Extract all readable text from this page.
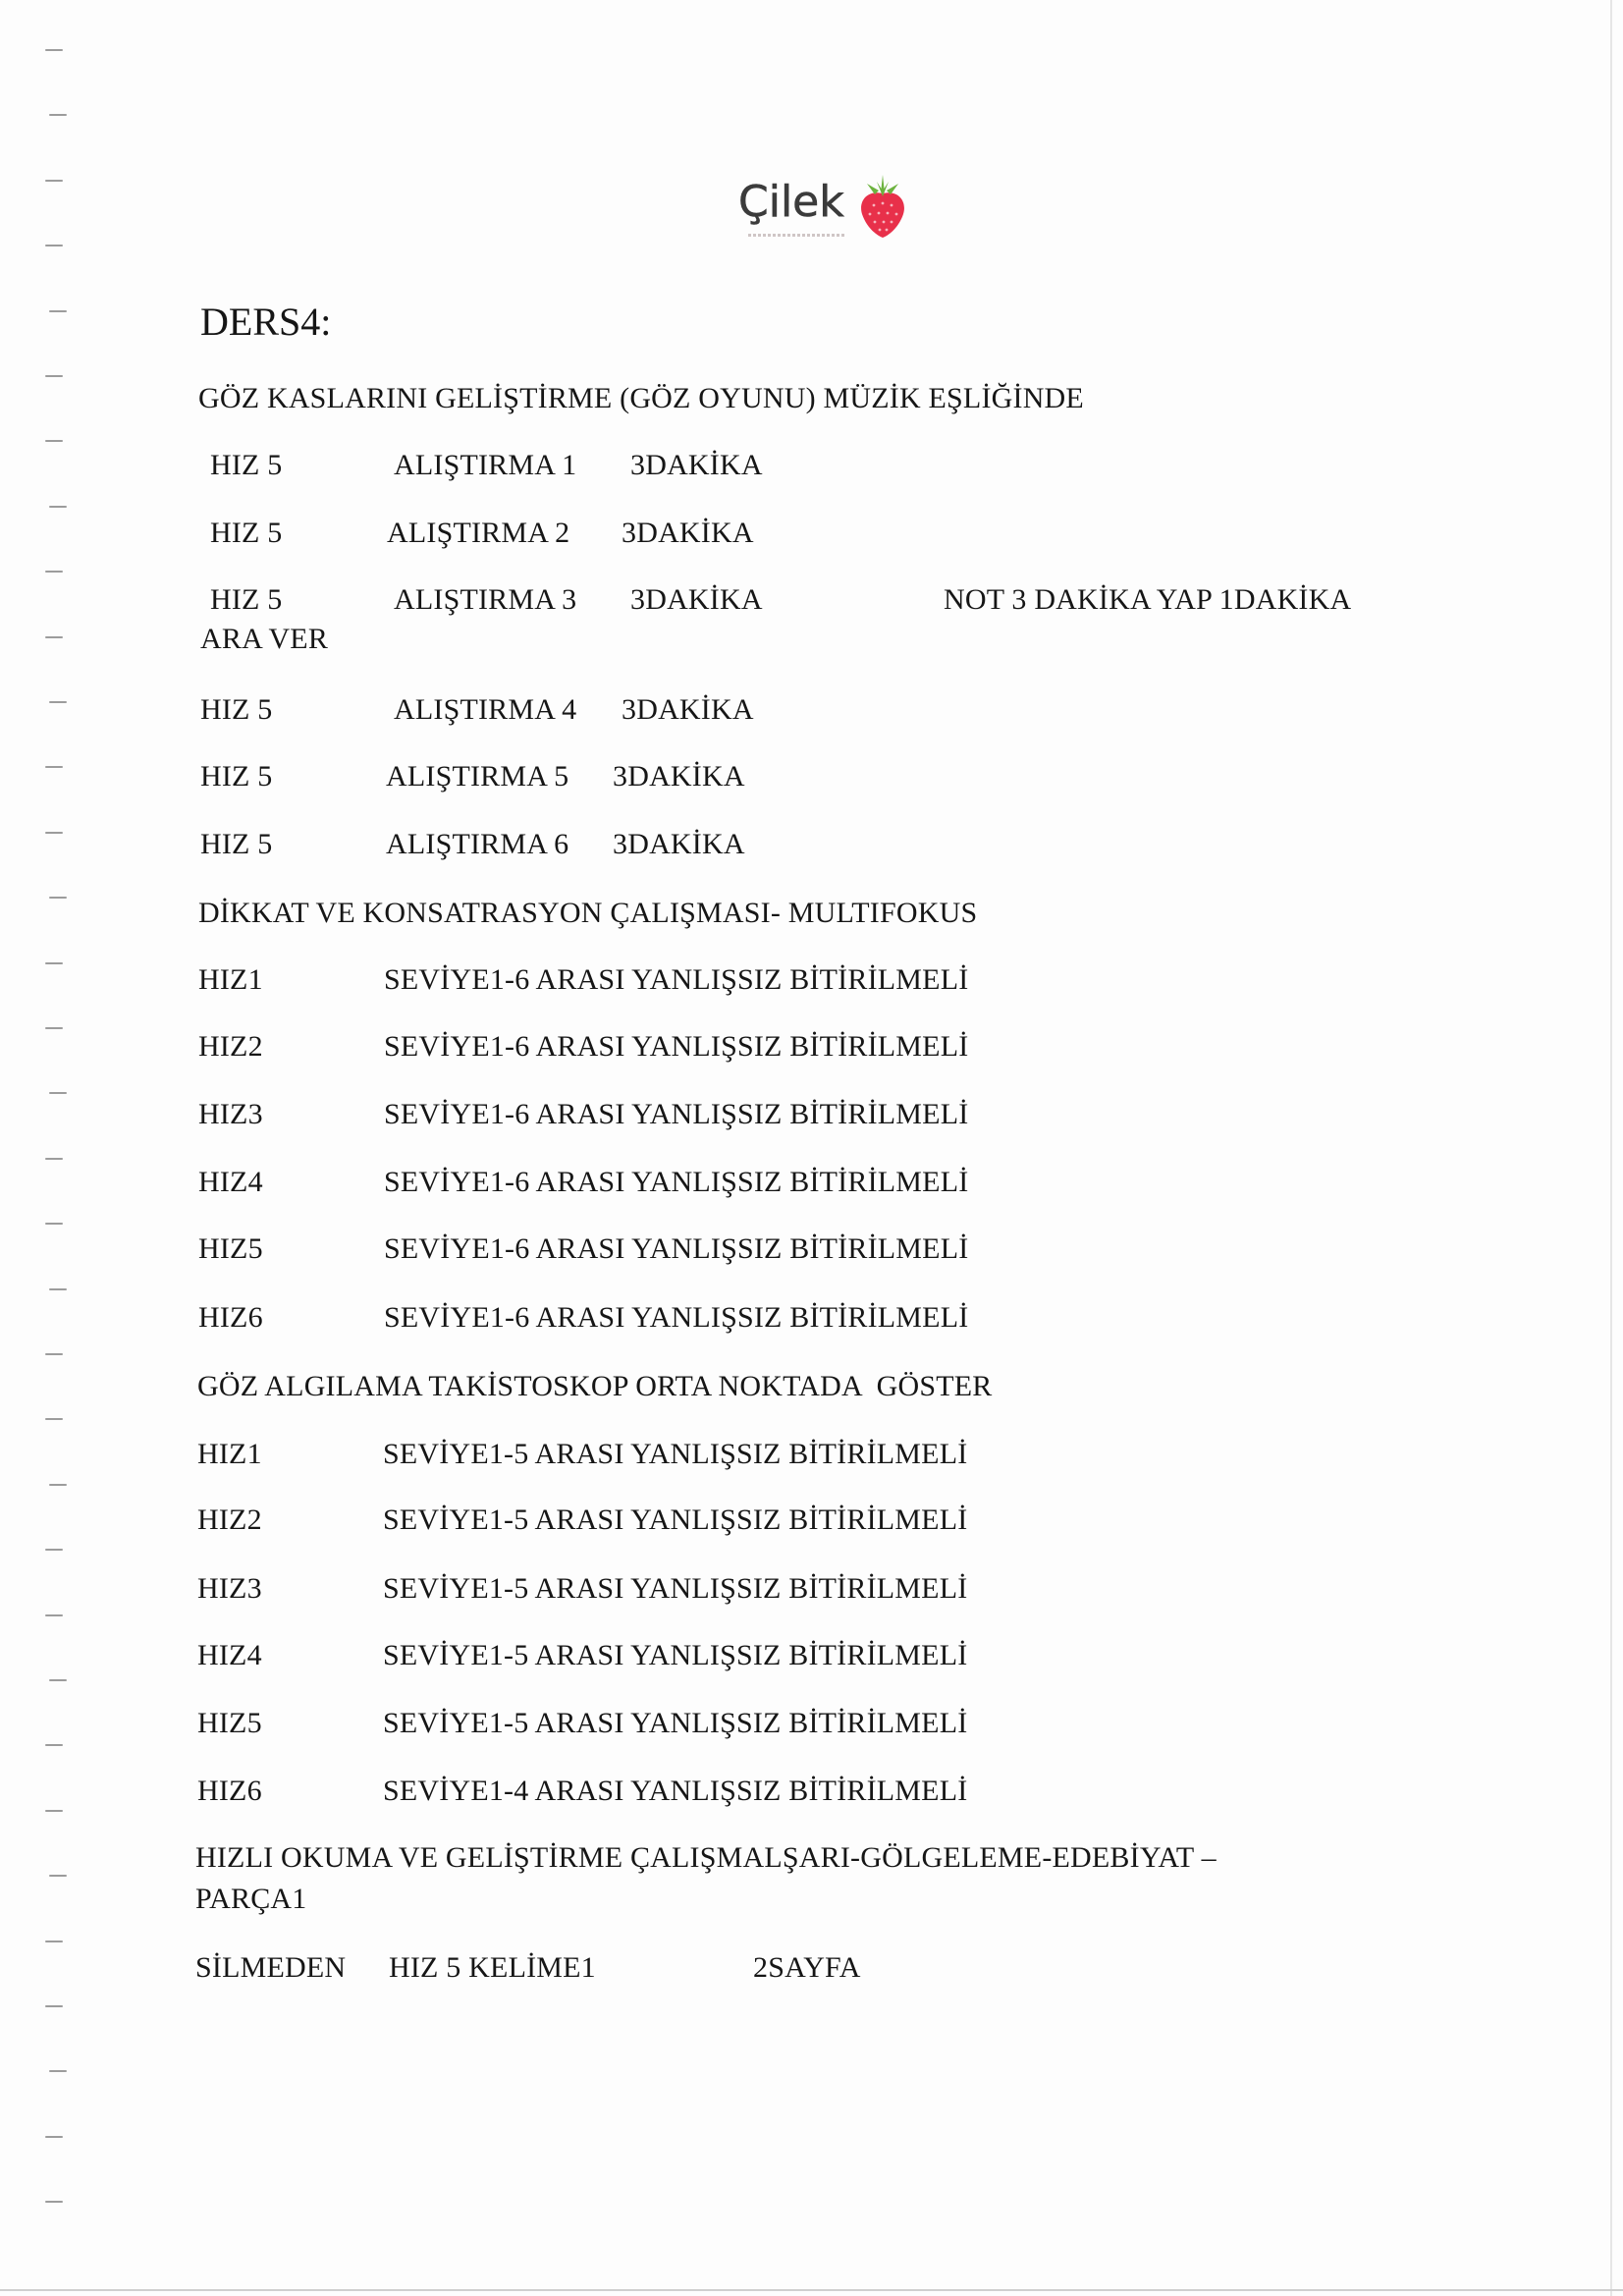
Çilek
DERS4:
GÖZ KASLARINI GELİŞTİRME (GÖZ OYUNU) MÜZİK EŞLİĞİNDE
HIZ 5	ALIŞTIRMA 1 3DAKİKA
HIZ 5	ALIŞTIRMA 2 3DAKİKA
HIZ 5	ALIŞTIRMA 3 3DAKİKA	NOT 3 DAKİKA YAP 1DAKİKA
ARA VER
HIZ 5	ALIŞTIRMA 4 3DAKİKA
HIZ 5	ALIŞTIRMA 5 3DAKİKA
HIZ 5	ALIŞTIRMA 6 3DAKİKA
DİKKAT VE KONSATRASYON ÇALIŞMASI- MULTIFOKUS
HIZ1	SEVİYE1-6 ARASI YANLIŞSIZ BİTİRİLMELİ
HIZ2	SEVİYE1-6 ARASI YANLIŞSIZ BİTİRİLMELİ
HIZ3	SEVİYE1-6 ARASI YANLIŞSIZ BİTİRİLMELİ
HIZ4	SEVİYE1-6 ARASI YANLIŞSIZ BİTİRİLMELİ
HIZ5	SEVİYE1-6 ARASI YANLIŞSIZ BİTİRİLMELİ
HIZ6	SEVİYE1-6 ARASI YANLIŞSIZ BİTİRİLMELİ
GÖZ ALGILAMA TAKİSTOSKOP ORTA NOKTADA  GÖSTER
HIZ1	SEVİYE1-5 ARASI YANLIŞSIZ BİTİRİLMELİ
HIZ2	SEVİYE1-5 ARASI YANLIŞSIZ BİTİRİLMELİ
HIZ3	SEVİYE1-5 ARASI YANLIŞSIZ BİTİRİLMELİ
HIZ4	SEVİYE1-5 ARASI YANLIŞSIZ BİTİRİLMELİ
HIZ5	SEVİYE1-5 ARASI YANLIŞSIZ BİTİRİLMELİ
HIZ6	SEVİYE1-4 ARASI YANLIŞSIZ BİTİRİLMELİ
HIZLI OKUMA VE GELİŞTİRME ÇALIŞMALŞARI-GÖLGELEME-EDEBİYAT –
PARÇA1
SİLMEDEN HIZ 5 KELİME1	2SAYFA
